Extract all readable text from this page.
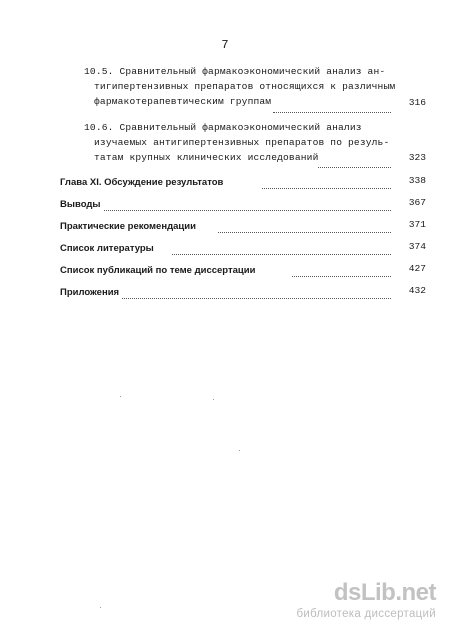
7
10.5. Сравнительный фармакоэкономический анализ ан-
тигипертензивных препаратов относящихся к различным
фармакотерапевтическим группам	316
10.6. Сравнительный фармакоэкономический анализ
изучаемых антигипертензивных препаратов по резуль-
татам крупных клинических исследований	323
Глава XI. Обсуждение результатов	338
Выводы	367
Практические рекомендации	371
Список литературы	374
Список публикаций по теме диссертации	427
Приложения	432
dsLib.net
библиотека диссертаций
